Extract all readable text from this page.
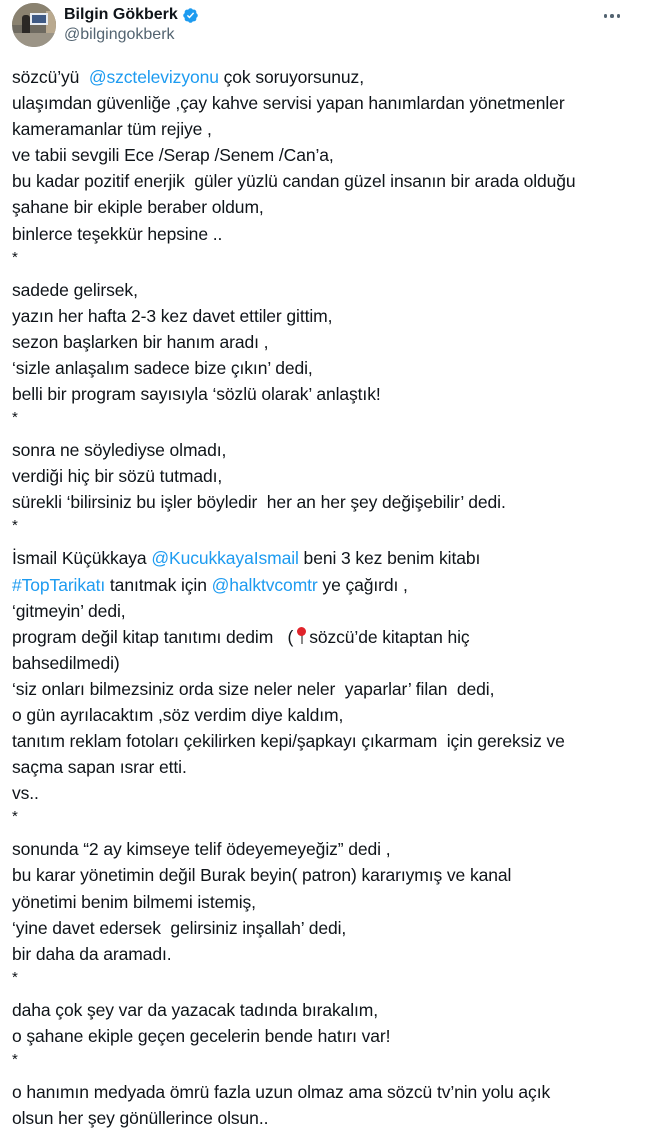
Bilgin Gökberk
@bilgingokberk
sözcü’yü  @szctelevizyonu çok soruyorsunuz,
ulaşımdan güvenliğe ,çay kahve servisi yapan hanımlardan yönetmenler
kameramanlar tüm rejiye ,
ve tabii sevgili Ece /Serap /Senem /Can’a,
bu kadar pozitif enerjik  güler yüzlü candan güzel insanın bir arada olduğu
şahane bir ekiple beraber oldum,
binlerce teşekkür hepsine ..
*
sadede gelirsek,
yazın her hafta 2-3 kez davet ettiler gittim,
sezon başlarken bir hanım aradı ,
‘sizle anlaşalım sadece bize çıkın’ dedi,
belli bir program sayısıyla ‘sözlü olarak’ anlaştık!
*
sonra ne söylediyse olmadı,
verdiği hiç bir sözü tutmadı,
sürekli ‘bilirsiniz bu işler böyledir  her an her şey değişebilir’ dedi.
*
İsmail Küçükkaya @KucukkayaIsmail beni 3 kez benim kitabı
#TopTarikatı tanıtmak için @halktvcomtr ye çağırdı ,
‘gitmeyin’ dedi,
program değil kitap tanıtımı dedim   ( sözcü’de kitaptan hiç
bahsedilmedi)
‘siz onları bilmezsiniz orda size neler neler  yaparlar’ filan  dedi,
o gün ayrılacaktım ,söz verdim diye kaldım,
tanıtım reklam fotoları çekilirken kepi/şapkayı çıkarmam  için gereksiz ve
saçma sapan ısrar etti.
vs..
*
sonunda “2 ay kimseye telif ödeyemeyeğiz” dedi ,
bu karar yönetimin değil Burak beyin( patron) kararıymış ve kanal
yönetimi benim bilmemi istemiş,
‘yine davet edersek  gelirsiniz inşallah’ dedi,
bir daha da aramadı.
*
daha çok şey var da yazacak tadında bırakalım,
o şahane ekiple geçen gecelerin bende hatırı var!
*
o hanımın medyada ömrü fazla uzun olmaz ama sözcü tv’nin yolu açık
olsun her şey gönüllerince olsun..
